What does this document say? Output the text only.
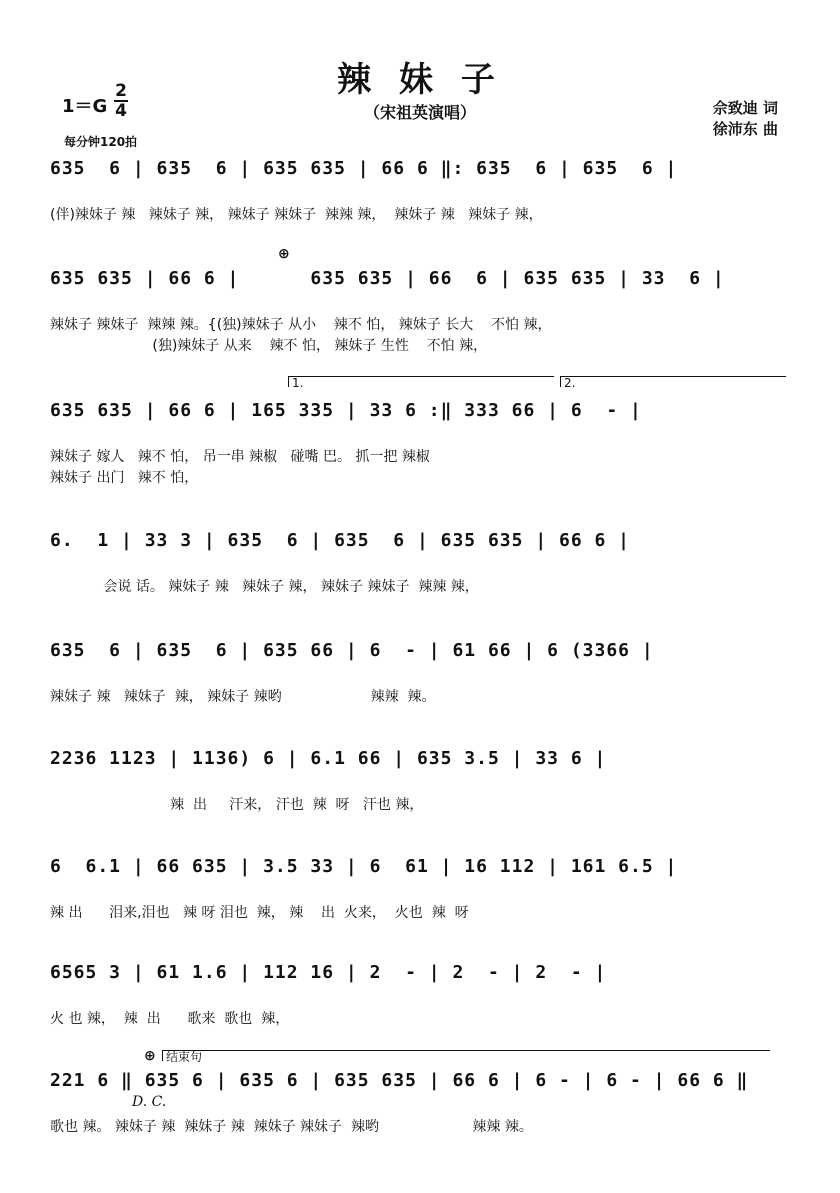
辣 妹 子
（宋祖英演唱）	佘致迪 词
徐沛东 曲
1＝G
2
4
每分钟120拍
635  6 | 635  6 | 635 635 | 66 6 ‖: 635  6 | 635  6 |
(伴)辣妹子 辣   辣妹子 辣， 辣妹子 辣妹子  辣辣 辣，  辣妹子 辣   辣妹子 辣，
⊕
635 635 | 66 6 |      635 635 | 66  6 | 635 635 | 33  6 |
辣妹子 辣妹子  辣辣 辣。{(独)辣妹子 从小    辣不 怕， 辣妹子 长大    不怕 辣，
(独)辣妹子 从来    辣不 怕， 辣妹子 生性    不怕 辣，
1.	2.
635 635 | 66 6 | 165 335 | 33 6 :‖ 333 66 | 6  - |
辣妹子 嫁人   辣不 怕， 吊一串 辣椒   碰嘴 巴。 抓一把 辣椒
辣妹子 出门   辣不 怕，
6.  1 | 33 3 | 635  6 | 635  6 | 635 635 | 66 6 |
会说 话。 辣妹子 辣   辣妹子 辣， 辣妹子 辣妹子  辣辣 辣，
635  6 | 635  6 | 635 66 | 6  - | 61 66 | 6 (3366 |
辣妹子 辣   辣妹子  辣， 辣妹子 辣哟                    辣辣  辣。
2236 1123 | 1136) 6 | 6.1 66 | 635 3.5 | 33 6 |
辣  出     汗来， 汗也  辣  呀   汗也 辣，
6  6.1 | 66 635 | 3.5 33 | 6  61 | 16 112 | 161 6.5 |
辣 出      泪来,泪也   辣 呀 泪也  辣， 辣    出  火来，  火也  辣  呀
6565 3 | 61 1.6 | 112 16 | 2  - | 2  - | 2  - |
火 也 辣，  辣  出      歌来  歌也  辣，
⊕ 结束句
221 6 ‖ 635 6 | 635 6 | 635 635 | 66 6 | 6 - | 6 - | 66 6 ‖
D. C.
歌也 辣。 辣妹子 辣  辣妹子 辣  辣妹子 辣妹子  辣哟                     辣辣 辣。
